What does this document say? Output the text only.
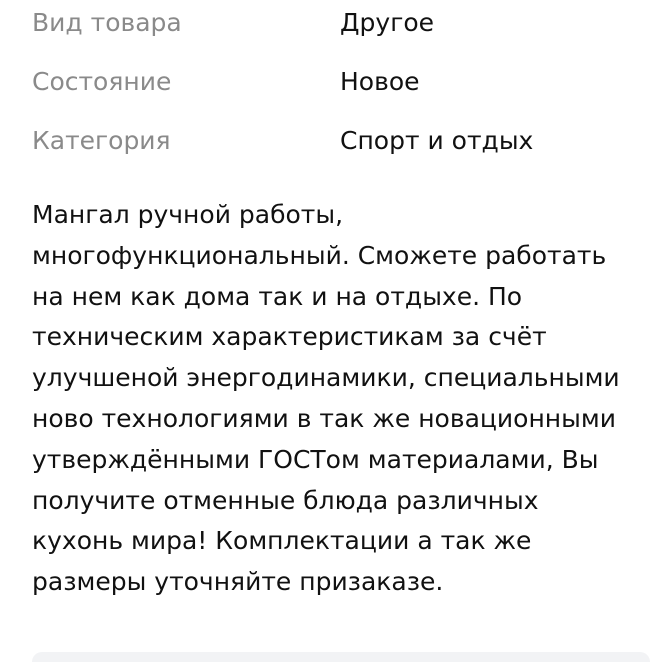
Вид товара	Другое
Состояние	Новое
Категория	Спорт и отдых

Мангал ручной работы,
многофункциональный. Сможете работать
на нем как дома так и на отдыхе. По
техническим характеристикам за счёт
улучшеной энергодинамики, специальными
ново технологиями в так же новационными
утверждёнными ГОСТом материалами, Вы
получите отменные блюда различных
кухонь мира! Комплектации а так же
размеры уточняйте призаказе.
